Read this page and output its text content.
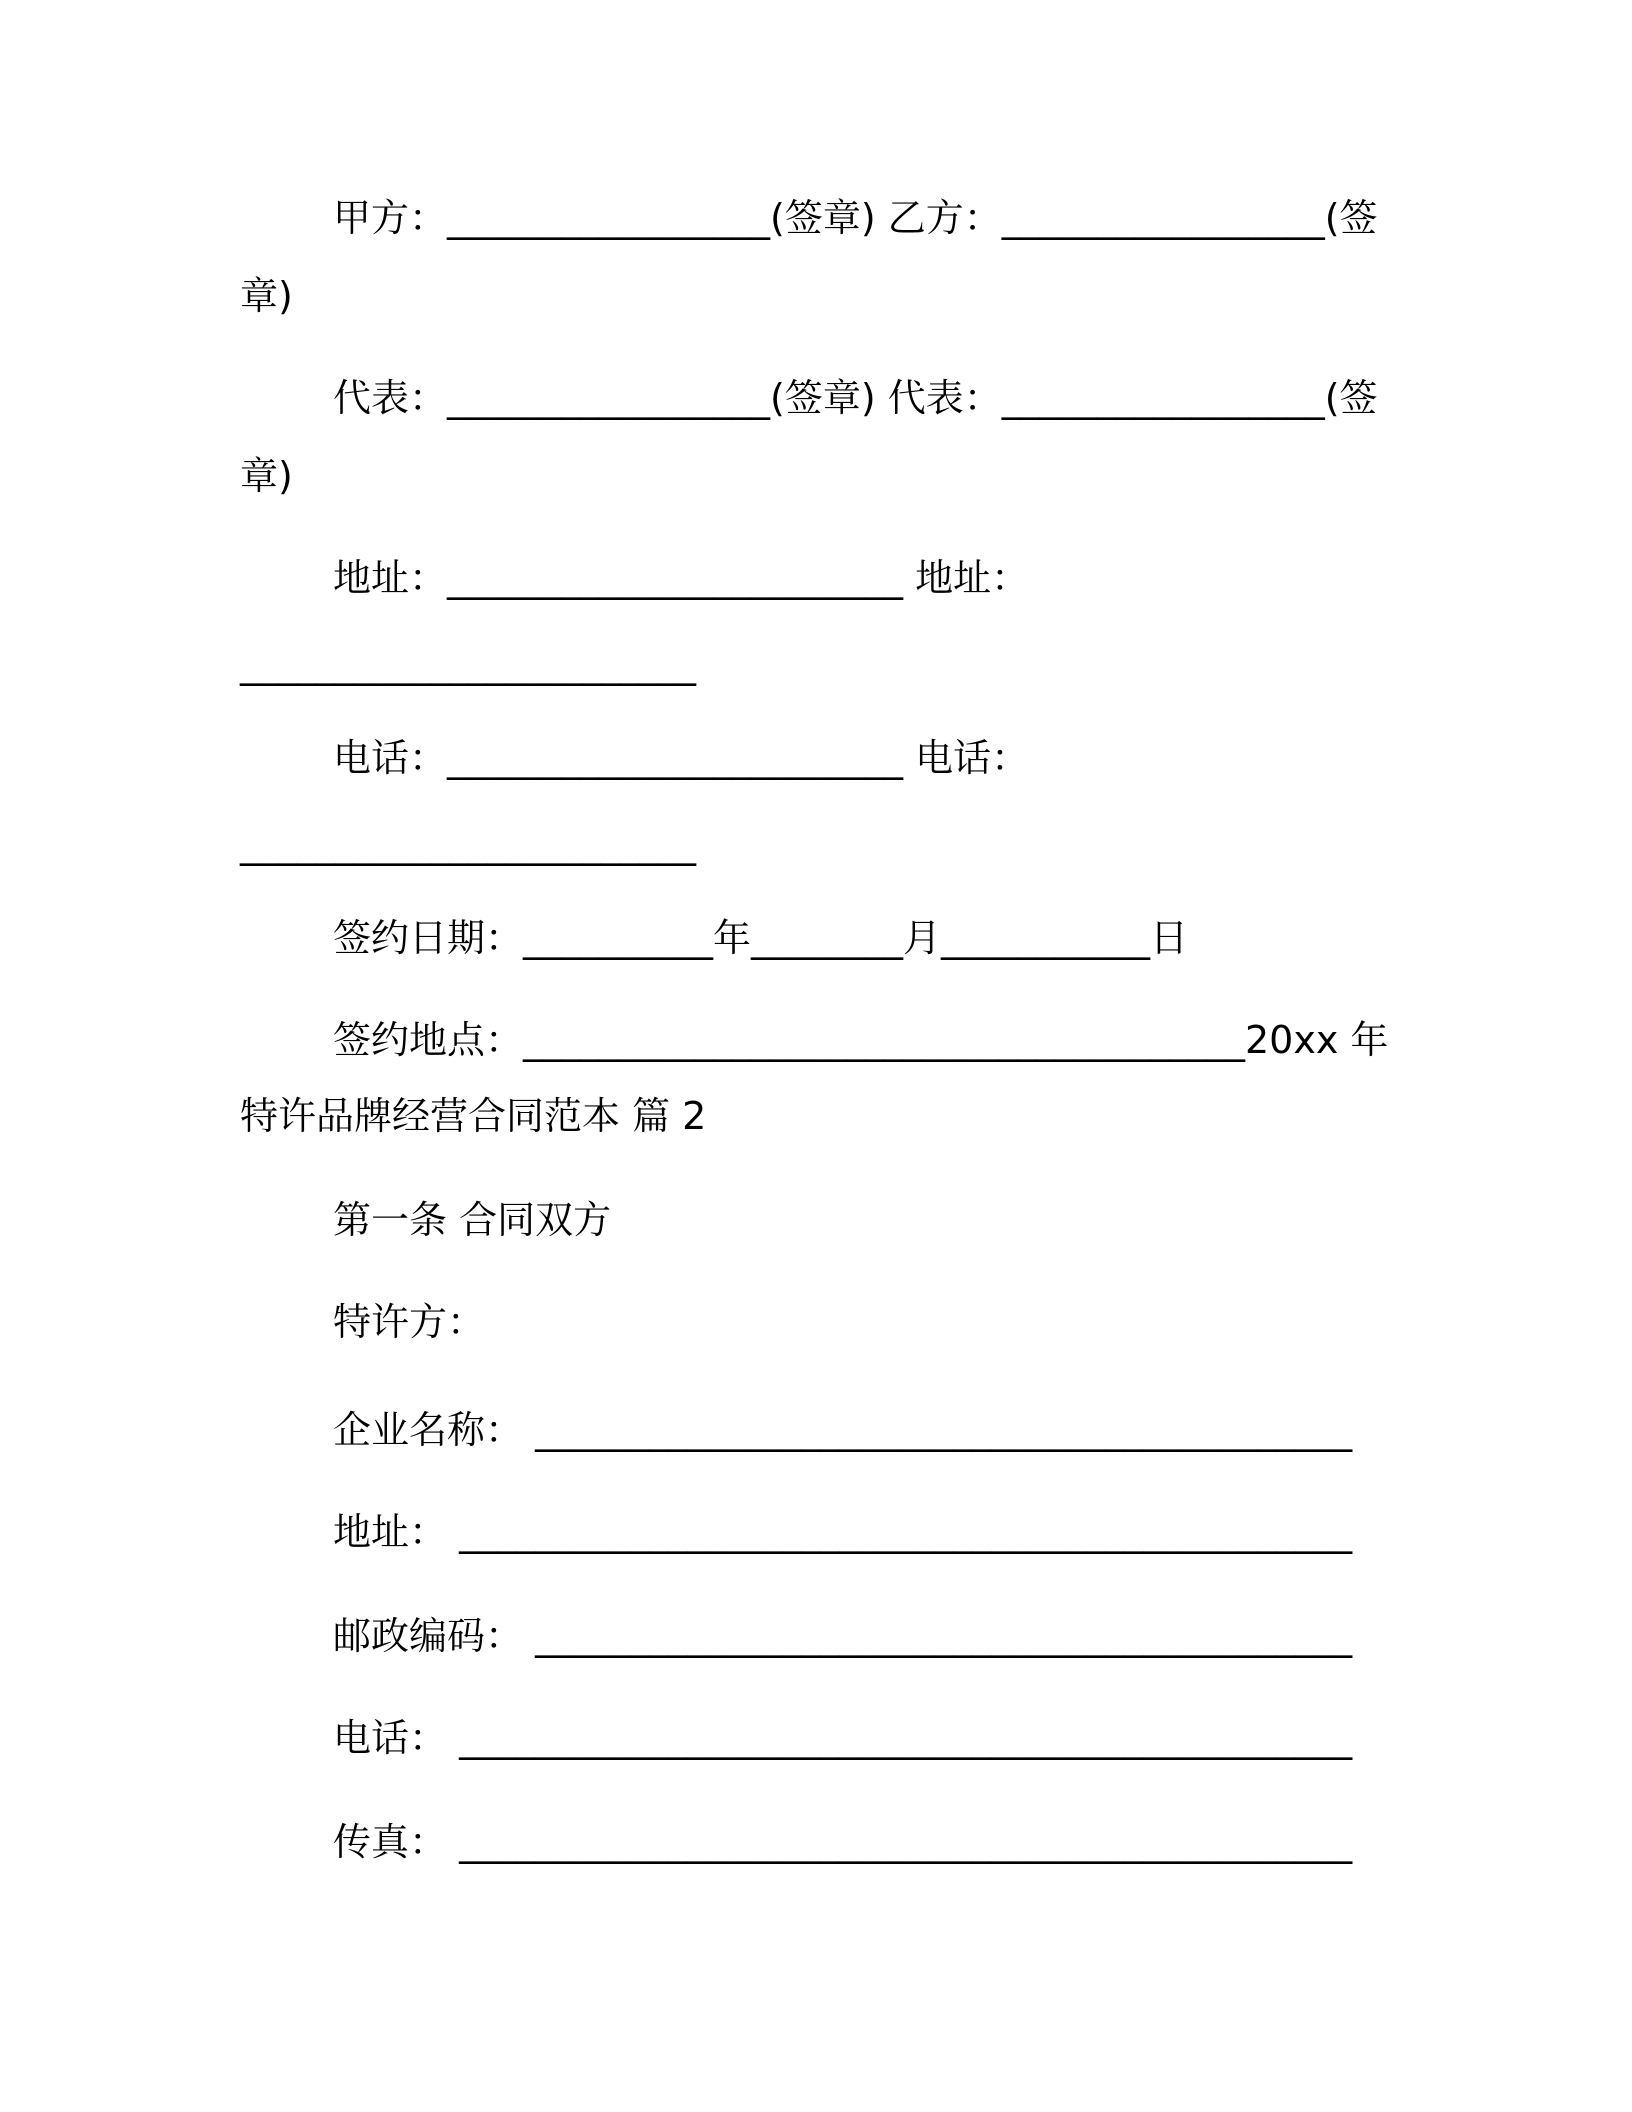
甲方：_________________(签章) 乙方：_________________(签
章)
代表：_________________(签章) 代表：_________________(签
章)
地址：________________________ 地址：
________________________
电话：________________________ 电话：
________________________
签约日期：__________年________月___________日
签约地点：______________________________________20xx 年
特许品牌经营合同范本 篇 2
第一条 合同双方
特许方：
企业名称： ___________________________________________
地址： _______________________________________________
邮政编码： ___________________________________________
电话： _______________________________________________
传真： _______________________________________________
